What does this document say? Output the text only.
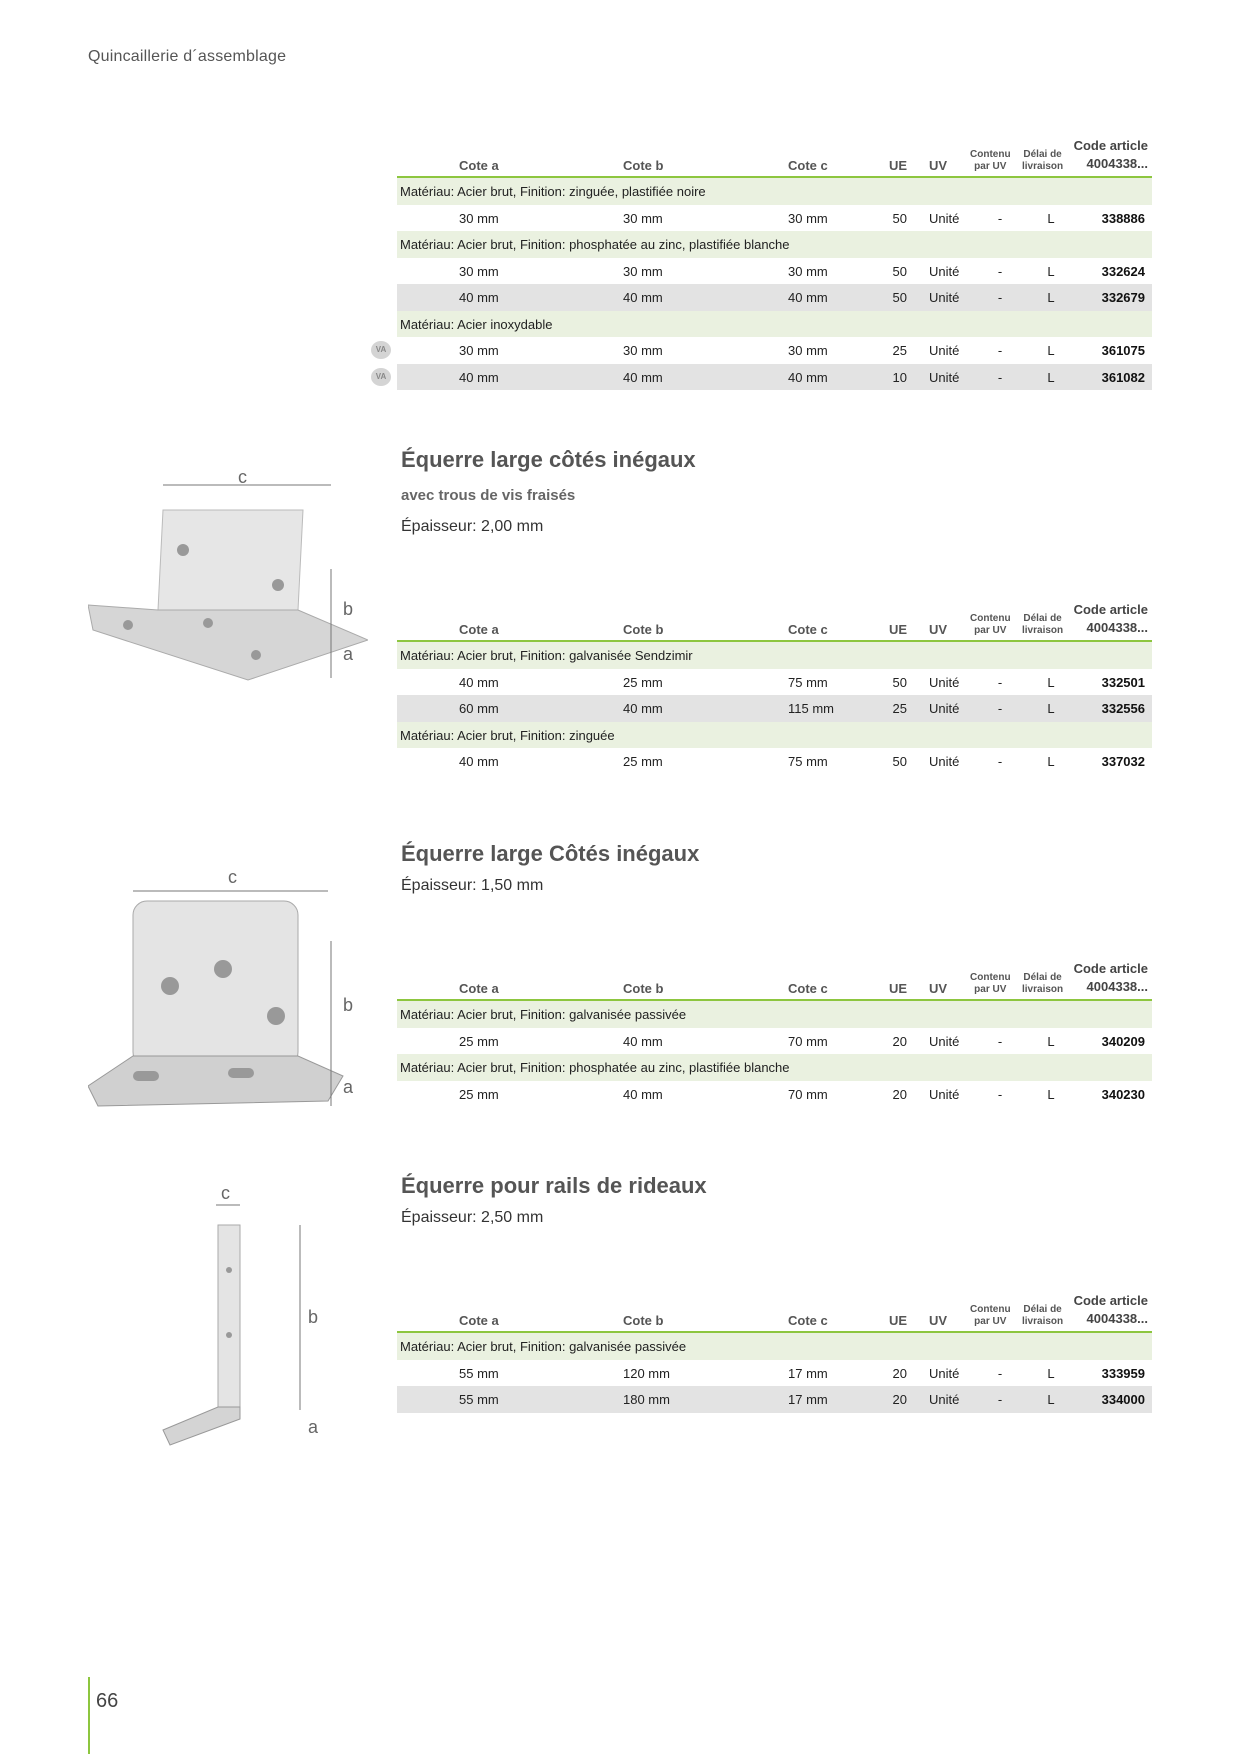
Quincaillerie d´assemblage
Cote a	Cote b	Cote c	UE UV
Contenu
par UV
Délai de
livraison
Code article
4004338...
Matériau: Acier brut, Finition: zinguée, plastifiée noire
30 mm	30 mm	30 mm	50 Unité	-	L	338886
Matériau: Acier brut, Finition: phosphatée au zinc, plastifiée blanche
30 mm	30 mm	30 mm	50 Unité	-	L	332624
40 mm	40 mm	40 mm	50 Unité	-	L	332679
Matériau: Acier inoxydable
VA	30 mm	30 mm	30 mm	25 Unité	-	L	361075
VA	40 mm	40 mm	40 mm	10 Unité	-	L	361082
c
b
a
Équerre large côtés inégaux
avec trous de vis fraisés
Épaisseur: 2,00 mm
Cote a	Cote b	Cote c	UE UV
Contenu
par UV
Délai de
livraison
Code article
4004338...
Matériau: Acier brut, Finition: galvanisée Sendzimir
40 mm	25 mm	75 mm	50 Unité	-	L	332501
60 mm	40 mm	115 mm	25 Unité	-	L	332556
Matériau: Acier brut, Finition: zinguée
40 mm	25 mm	75 mm	50 Unité	-	L	337032
c
b
a
Équerre large Côtés inégaux
Épaisseur: 1,50 mm
Cote a	Cote b	Cote c	UE UV
Contenu
par UV
Délai de
livraison
Code article
4004338...
Matériau: Acier brut, Finition: galvanisée passivée
25 mm	40 mm	70 mm	20 Unité	-	L	340209
Matériau: Acier brut, Finition: phosphatée au zinc, plastifiée blanche
25 mm	40 mm	70 mm	20 Unité	-	L	340230
c
b
a
Équerre pour rails de rideaux
Épaisseur: 2,50 mm
Cote a	Cote b	Cote c	UE UV
Contenu
par UV
Délai de
livraison
Code article
4004338...
Matériau: Acier brut, Finition: galvanisée passivée
55 mm	120 mm	17 mm	20 Unité	-	L	333959
55 mm	180 mm	17 mm	20 Unité	-	L	334000
66
